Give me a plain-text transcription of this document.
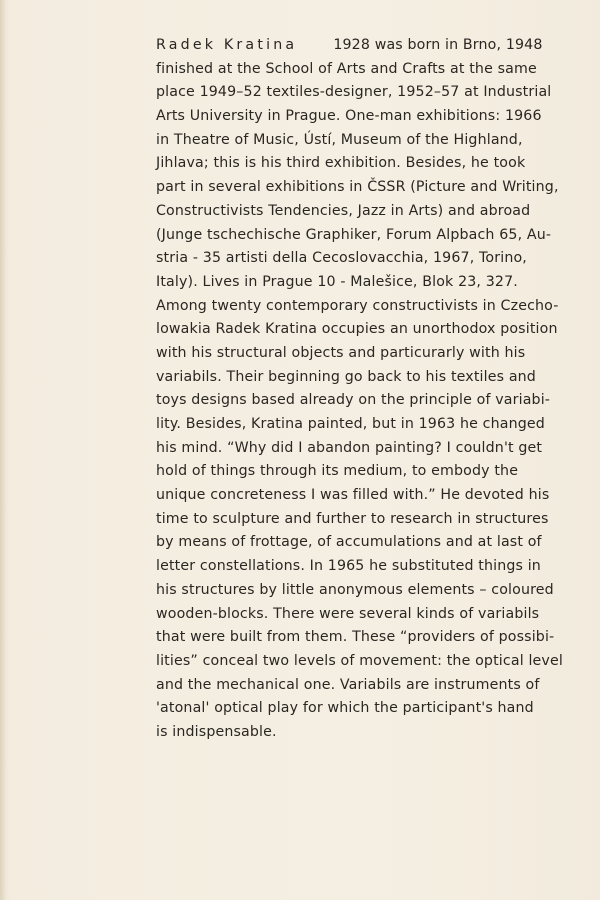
Radek Kratina	1928 was born in Brno, 1948
finished at the School of Arts and Crafts at the same
place 1949–52 textiles-designer, 1952–57 at Industrial
Arts University in Prague. One-man exhibitions: 1966
in Theatre of Music, Ústí, Museum of the Highland,
Jihlava; this is his third exhibition. Besides, he took
part in several exhibitions in ČSSR (Picture and Writing,
Constructivists Tendencies, Jazz in Arts) and abroad
(Junge tschechische Graphiker, Forum Alpbach 65, Au-
stria - 35 artisti della Cecoslovacchia, 1967, Torino,
Italy). Lives in Prague 10 - Malešice, Blok 23, 327.
Among twenty contemporary constructivists in Czecho-
lowakia Radek Kratina occupies an unorthodox position
with his structural objects and particurarly with his
variabils. Their beginning go back to his textiles and
toys designs based already on the principle of variabi-
lity. Besides, Kratina painted, but in 1963 he changed
his mind. “Why did I abandon painting? I couldn't get
hold of things through its medium, to embody the
unique concreteness I was filled with.” He devoted his
time to sculpture and further to research in structures
by means of frottage, of accumulations and at last of
letter constellations. In 1965 he substituted things in
his structures by little anonymous elements – coloured
wooden-blocks. There were several kinds of variabils
that were built from them. These “providers of possibi-
lities” conceal two levels of movement: the optical level
and the mechanical one. Variabils are instruments of
'atonal' optical play for which the participant's hand
is indispensable.
